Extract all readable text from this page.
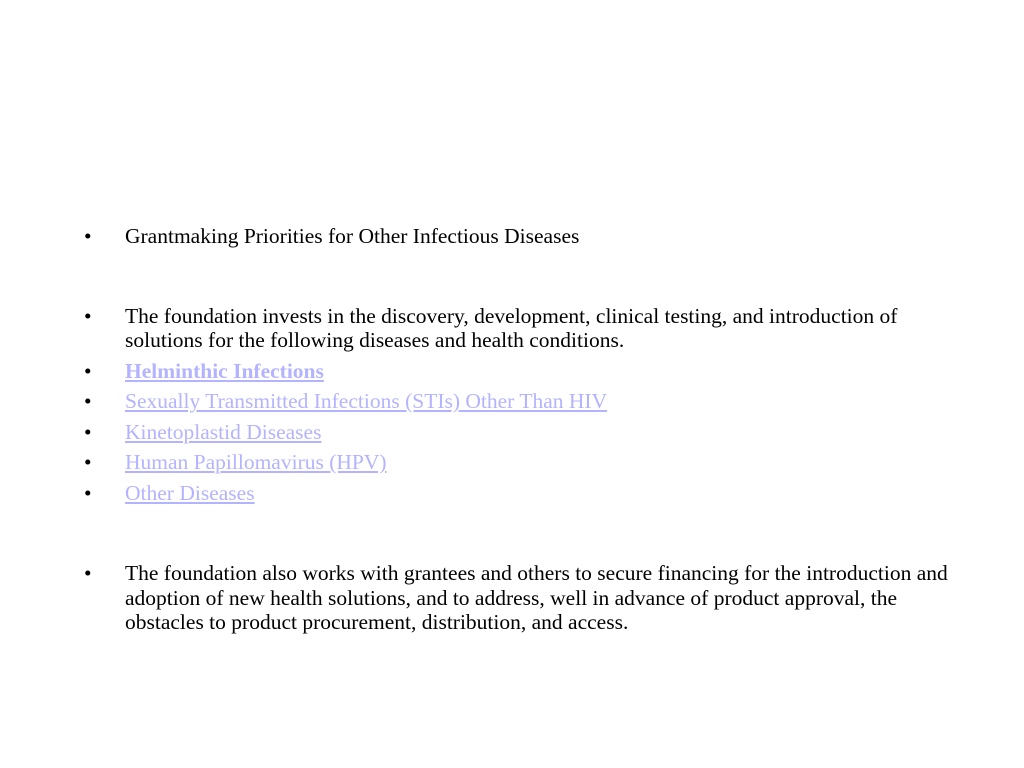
•	Grantmaking Priorities for Other Infectious Diseases
•	The foundation invests in the discovery, development, clinical testing, and introduction of solutions for the following diseases and health conditions.
•	Helminthic Infections
•	Sexually Transmitted Infections (STIs) Other Than HIV
•	Kinetoplastid Diseases
•	Human Papillomavirus (HPV)
•	Other Diseases
•	The foundation also works with grantees and others to secure financing for the introduction and adoption of new health solutions, and to address, well in advance of product approval, the obstacles to product procurement, distribution, and access.
